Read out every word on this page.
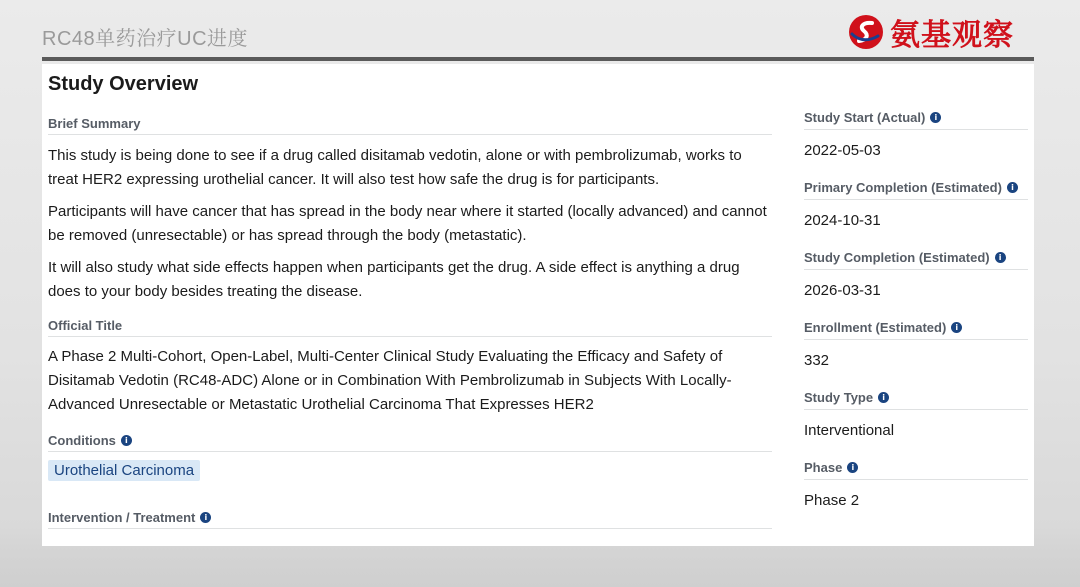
RC48单药治疗UC进度	氨基观察
Study Overview
Brief Summary

This study is being done to see if a drug called disitamab vedotin, alone or with pembrolizumab, works to treat HER2 expressing urothelial cancer. It will also test how safe the drug is for participants.

Participants will have cancer that has spread in the body near where it started (locally advanced) and cannot be removed (unresectable) or has spread through the body (metastatic).

It will also study what side effects happen when participants get the drug. A side effect is anything a drug does to your body besides treating the disease.

Official Title

A Phase 2 Multi-Cohort, Open-Label, Multi-Center Clinical Study Evaluating the Efficacy and Safety of Disitamab Vedotin (RC48-ADC) Alone or in Combination With Pembrolizumab in Subjects With Locally-Advanced Unresectable or Metastatic Urothelial Carcinoma That Expresses HER2

Conditions	i
Urothelial Carcinoma
Intervention / Treatment	i
Study Start (Actual)	i
2022-05-03
Primary Completion (Estimated)	i
2024-10-31
Study Completion (Estimated)	i
2026-03-31
Enrollment (Estimated)	i
332
Study Type	i
Interventional
Phase	i
Phase 2
